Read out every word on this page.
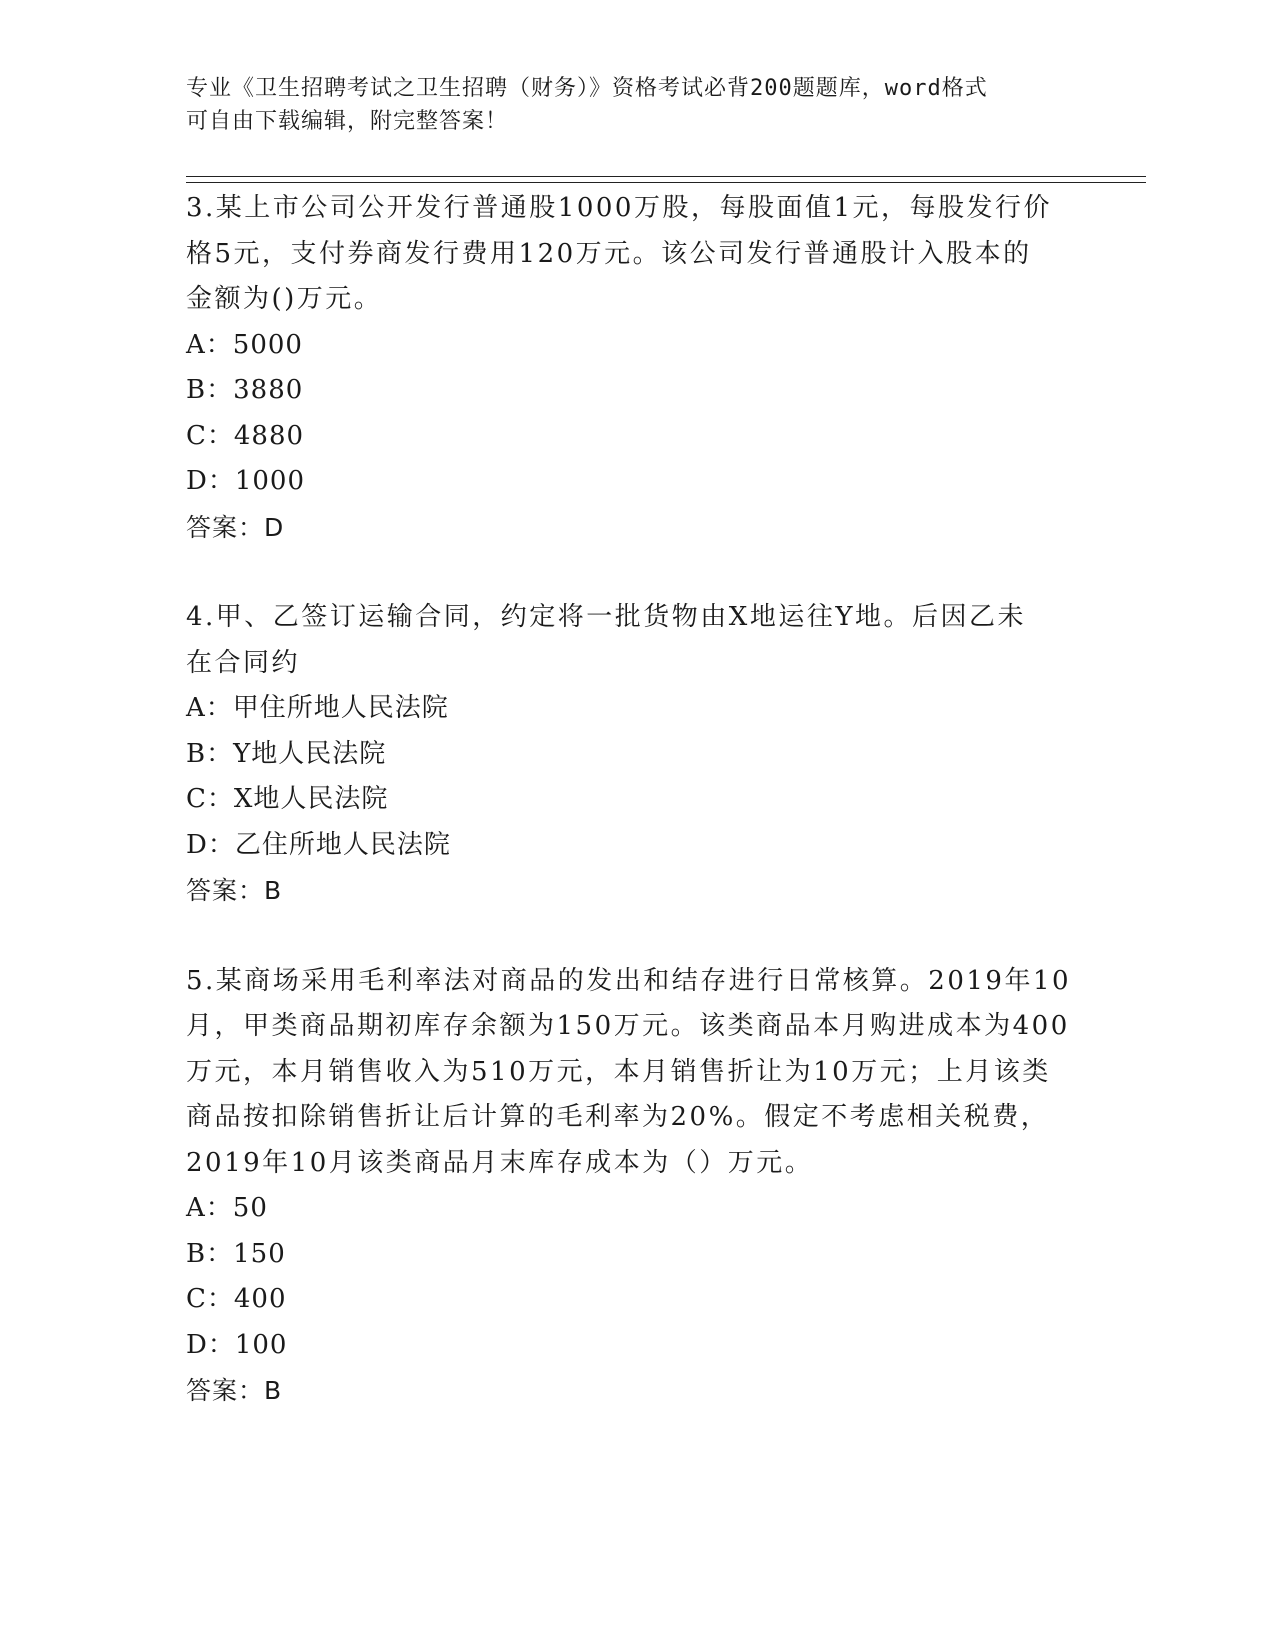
专业《卫生招聘考试之卫生招聘（财务）》资格考试必背200题题库，word格式
可自由下载编辑，附完整答案！
3.某上市公司公开发行普通股1000万股，每股面值1元，每股发行价
格5元，支付券商发行费用120万元。该公司发行普通股计入股本的
金额为()万元。
A：5000
B：3880
C：4880
D：1000
答案：D
4.甲、乙签订运输合同，约定将一批货物由X地运往Y地。后因乙未
在合同约
A：甲住所地人民法院
B：Y地人民法院
C：X地人民法院
D：乙住所地人民法院
答案：B
5.某商场采用毛利率法对商品的发出和结存进行日常核算。2019年10
月，甲类商品期初库存余额为150万元。该类商品本月购进成本为400
万元，本月销售收入为510万元，本月销售折让为10万元；上月该类
商品按扣除销售折让后计算的毛利率为20%。假定不考虑相关税费，
2019年10月该类商品月末库存成本为（）万元。
A：50
B：150
C：400
D：100
答案：B
